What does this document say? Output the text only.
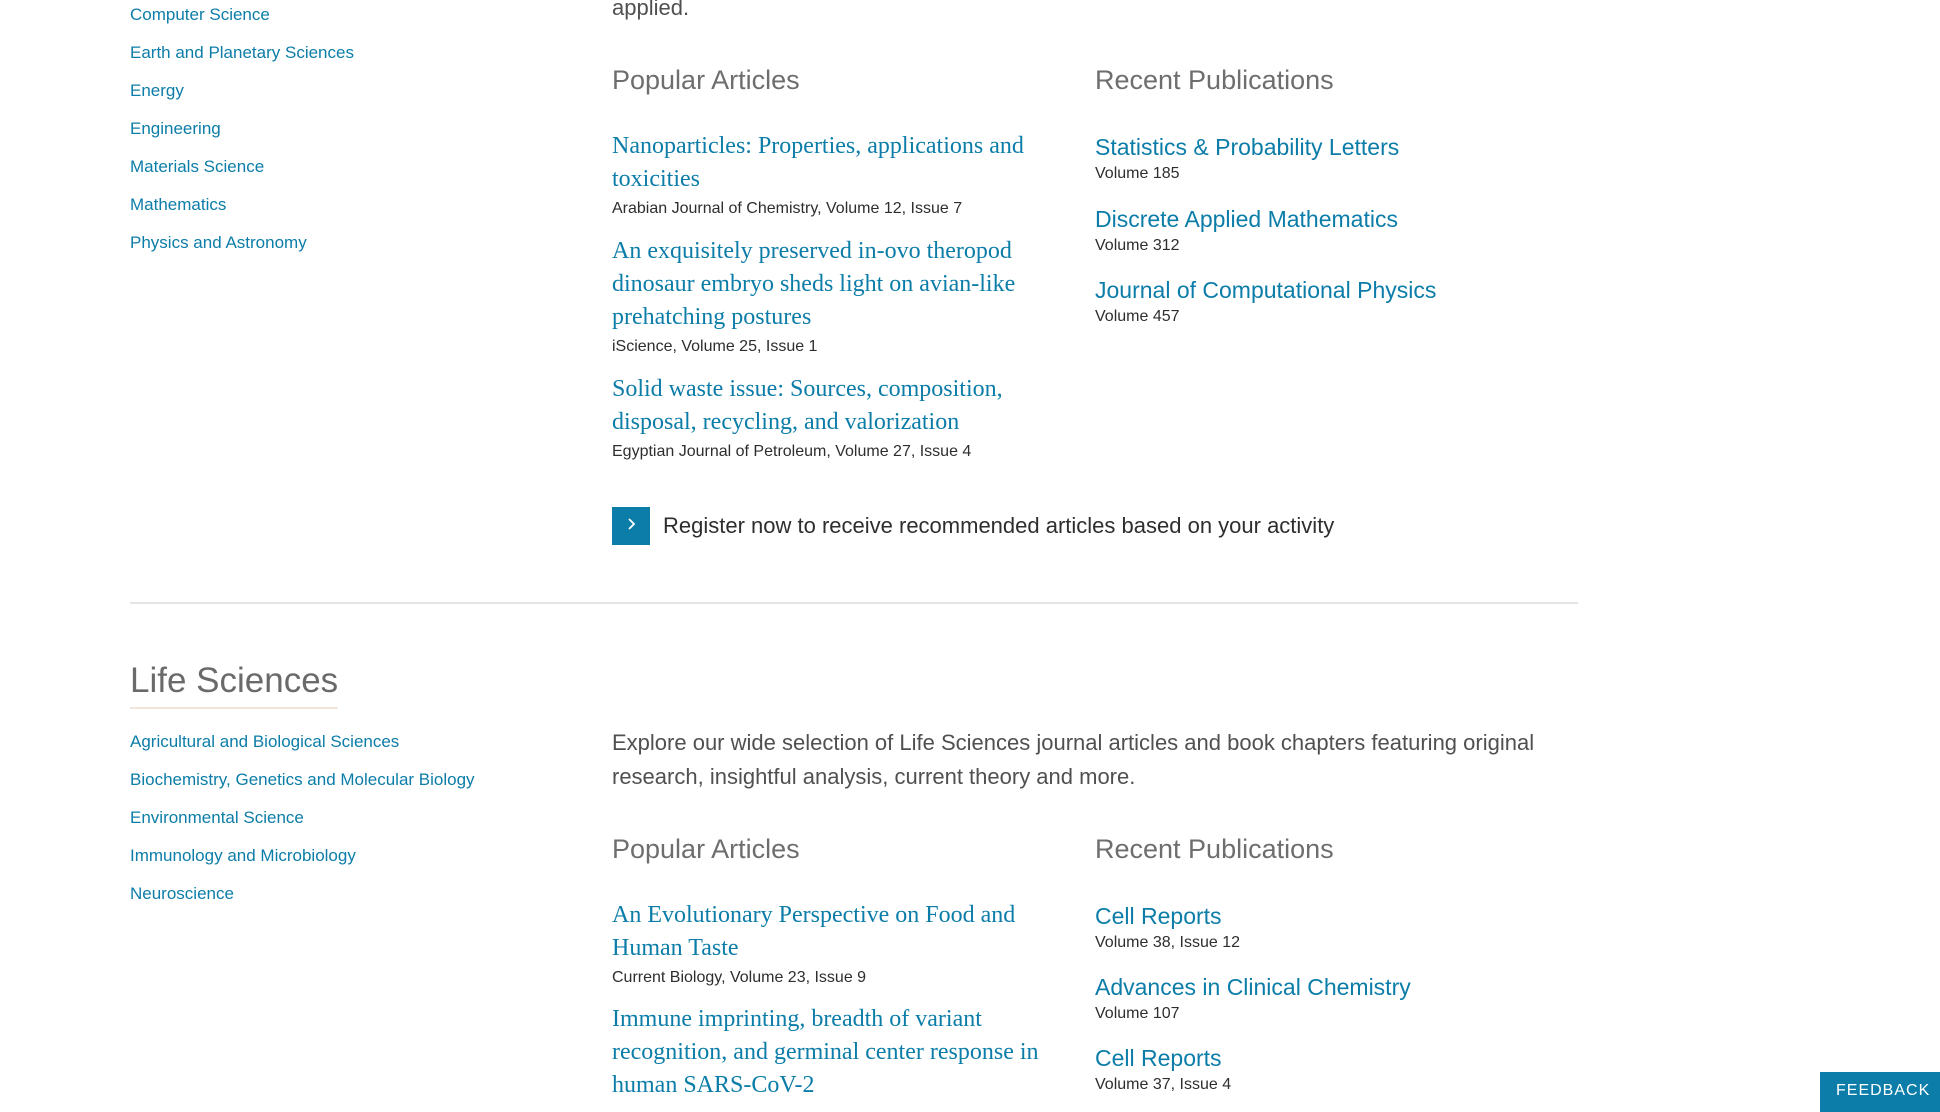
applied.
Computer Science
Earth and Planetary Sciences
Energy
Engineering
Materials Science
Mathematics
Physics and Astronomy
Popular Articles	Recent Publications
Nanoparticles: Properties, applications and toxicities
Arabian Journal of Chemistry, Volume 12, Issue 7
An exquisitely preserved in-ovo theropod dinosaur embryo sheds light on avian-like prehatching postures
iScience, Volume 25, Issue 1
Solid waste issue: Sources, composition, disposal, recycling, and valorization
Egyptian Journal of Petroleum, Volume 27, Issue 4
Statistics & Probability Letters
Volume 185
Discrete Applied Mathematics
Volume 312
Journal of Computational Physics
Volume 457
Register now to receive recommended articles based on your activity
Life Sciences
Agricultural and Biological Sciences
Biochemistry, Genetics and Molecular Biology
Environmental Science
Immunology and Microbiology
Neuroscience

Explore our wide selection of Life Sciences journal articles and book chapters featuring original research, insightful analysis, current theory and more.

Popular Articles	Recent Publications
An Evolutionary Perspective on Food and Human Taste
Current Biology, Volume 23, Issue 9
Immune imprinting, breadth of variant recognition, and germinal center response in human SARS-CoV-2
Cell Reports
Volume 38, Issue 12
Advances in Clinical Chemistry
Volume 107
Cell Reports
Volume 37, Issue 4	FEEDBACK
